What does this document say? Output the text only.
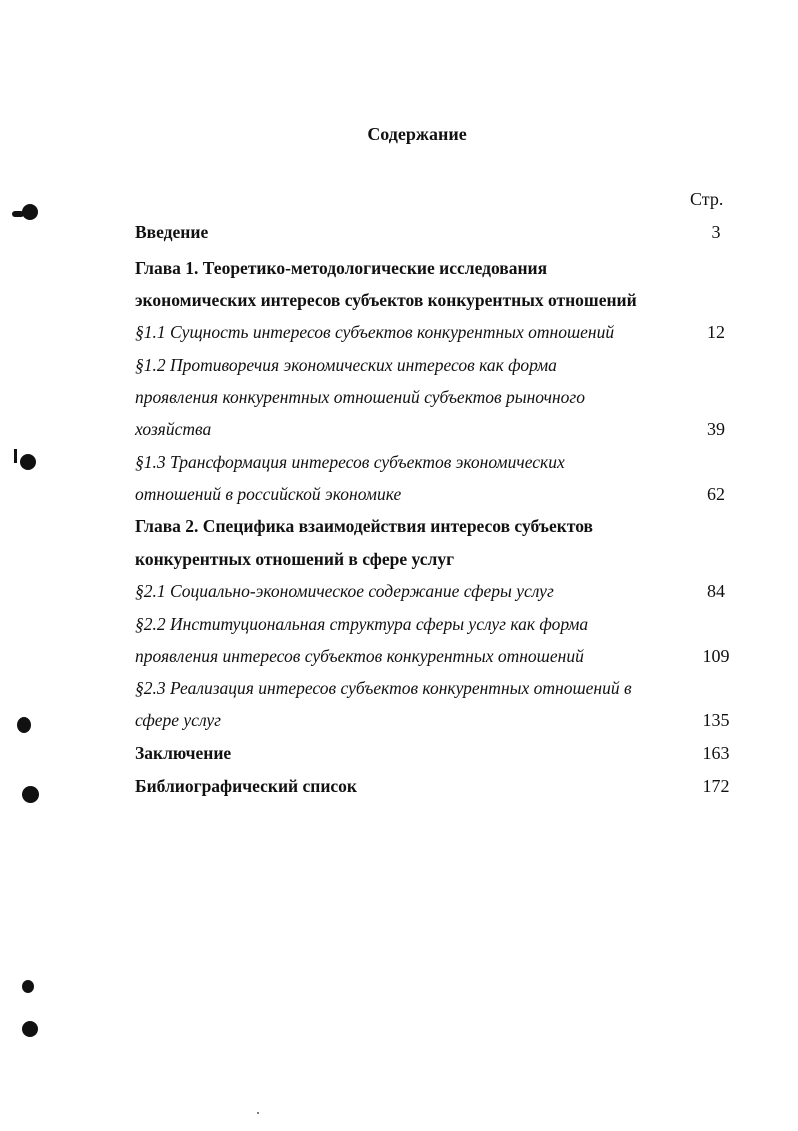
Содержание
Стр.
Введение	3
Глава 1. Теоретико-методологические исследования
экономических интересов субъектов конкурентных отношений
§1.1 Сущность интересов субъектов конкурентных отношений	12
§1.2 Противоречия экономических интересов как форма
проявления конкурентных отношений субъектов рыночного
хозяйства	39
§1.3 Трансформация интересов субъектов экономических
отношений в российской экономике	62
Глава 2. Специфика взаимодействия интересов субъектов
конкурентных отношений в сфере услуг
§2.1 Социально-экономическое содержание сферы услуг	84
§2.2 Институциональная структура сферы услуг как форма
проявления интересов субъектов конкурентных отношений	109
§2.3 Реализация интересов субъектов конкурентных отношений в
сфере услуг	135
Заключение	163
Библиографический список	172
